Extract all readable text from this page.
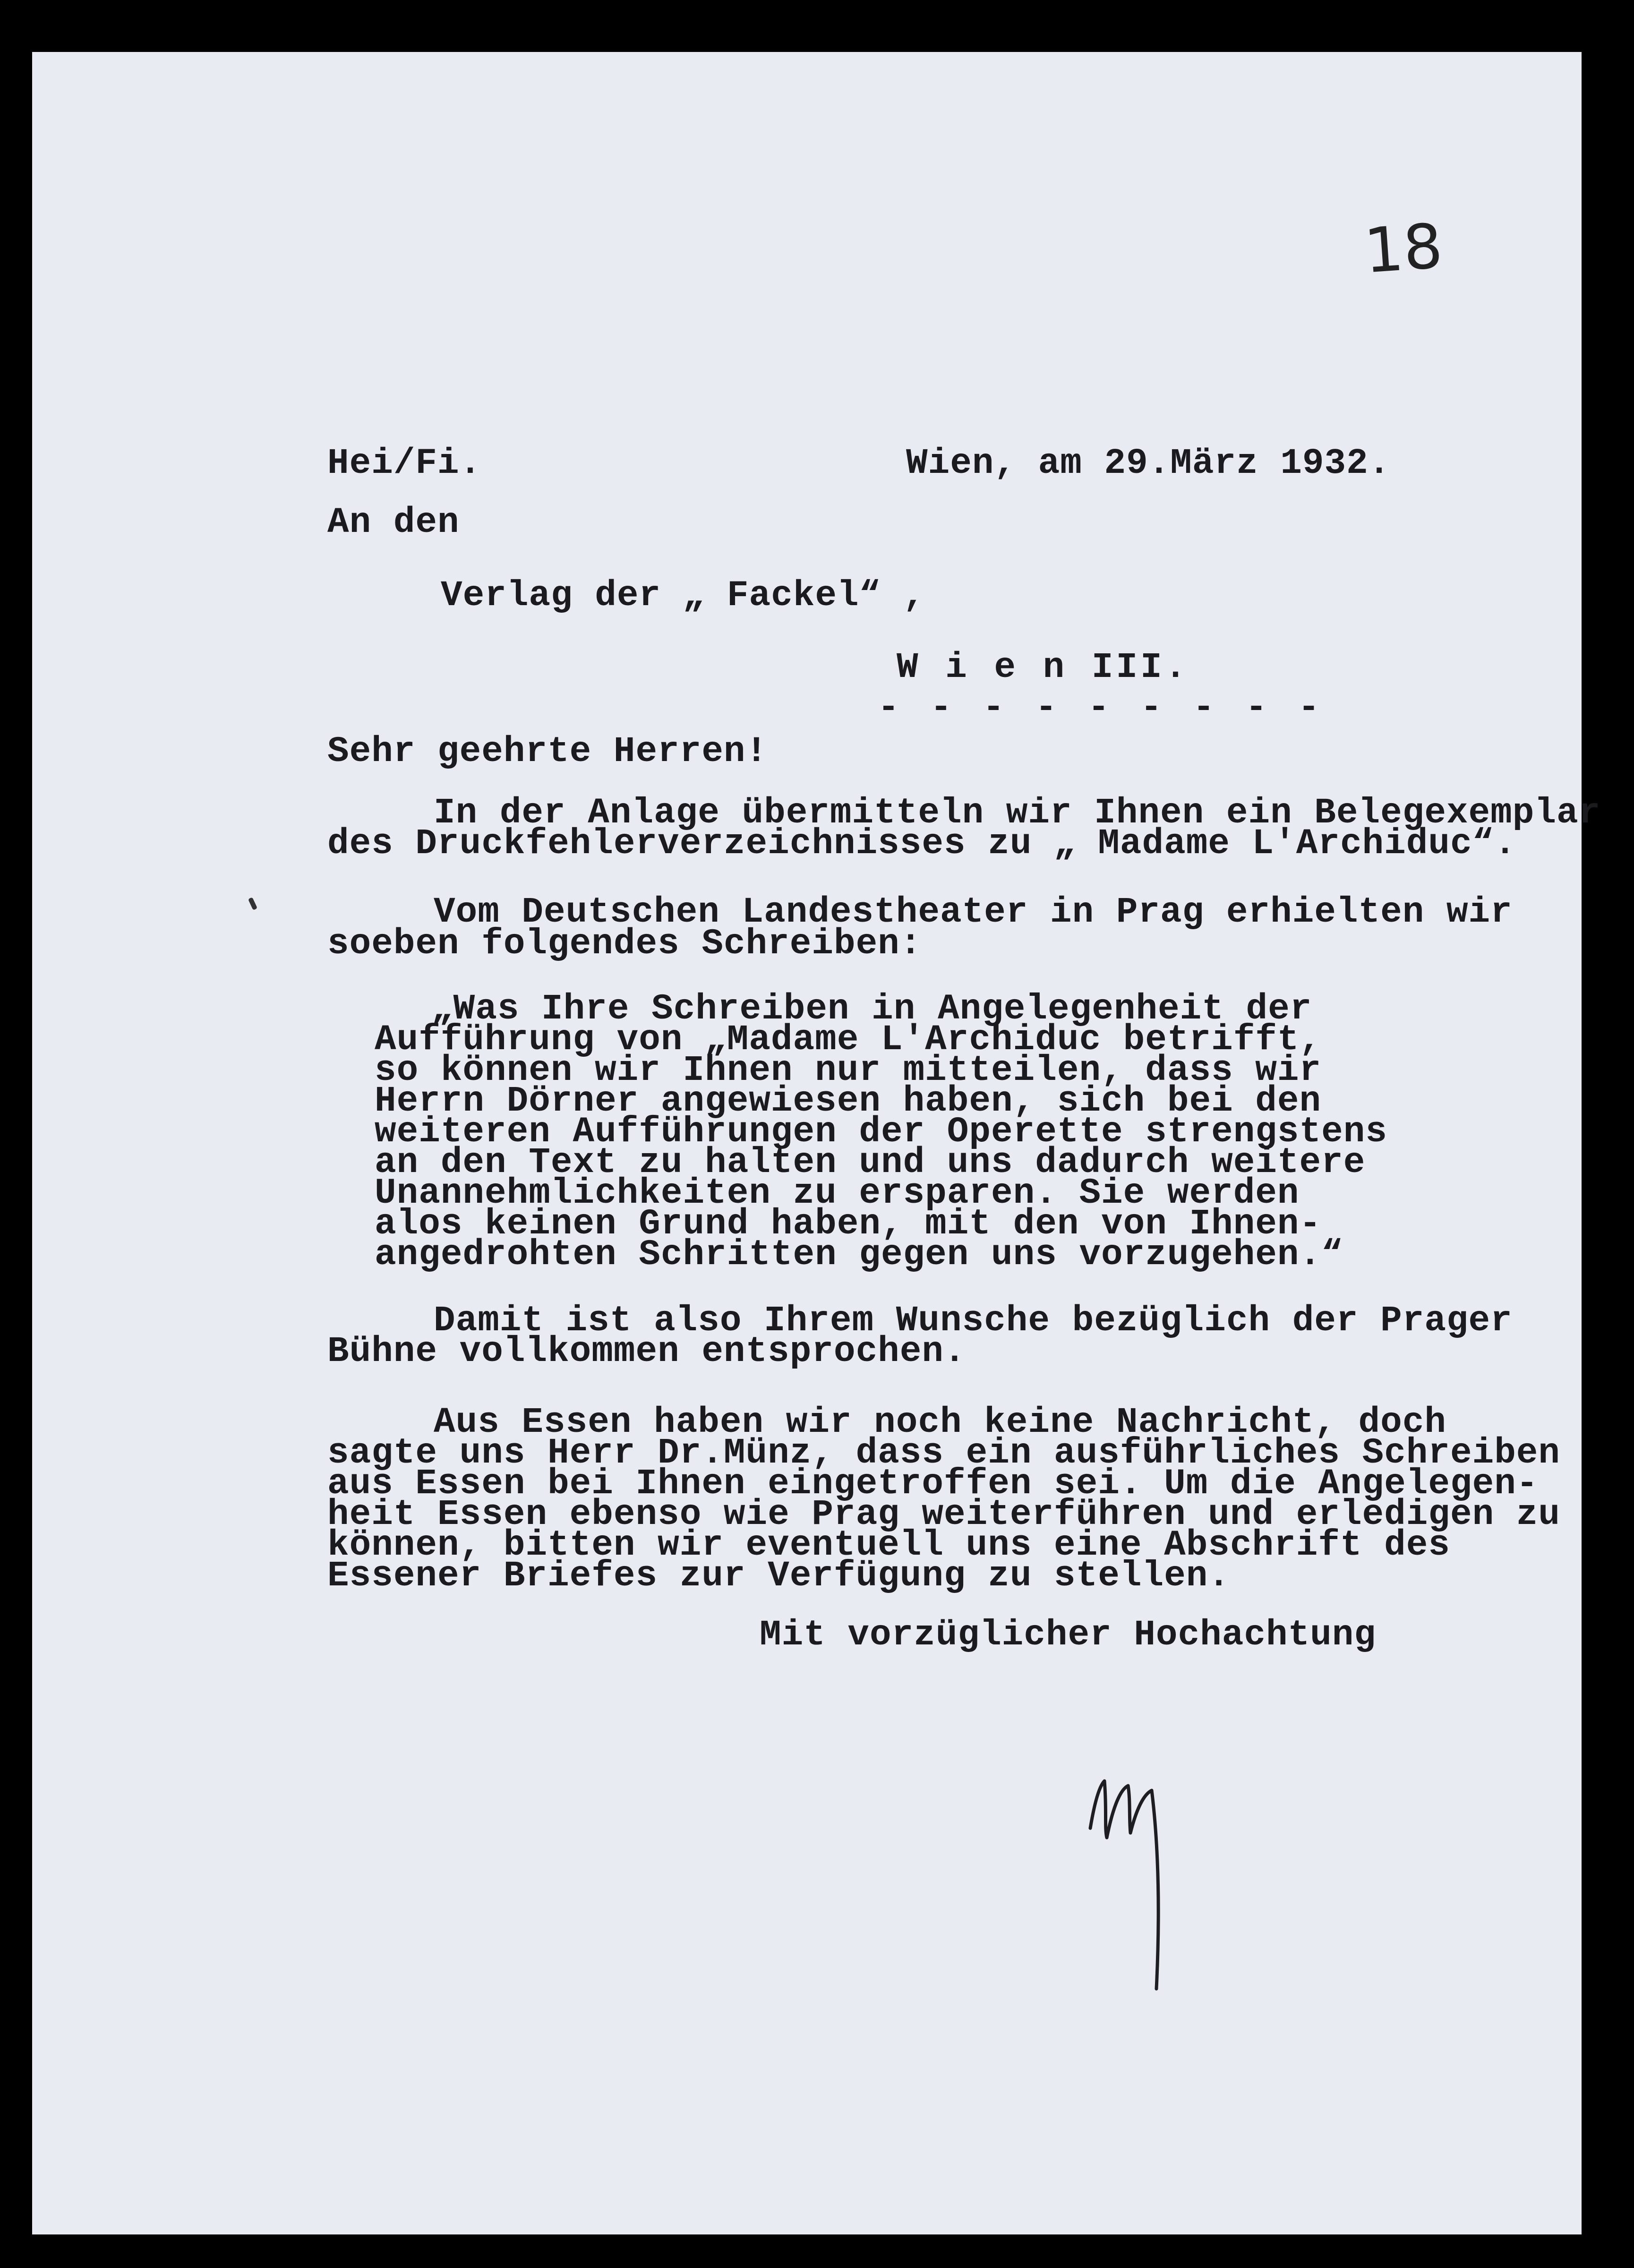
18
Hei/Fi.	Wien, am 29.März 1932.
An den
Verlag der „ Fackel“ ,
W i e n III.
- - - - - - - - -
Sehr geehrte Herren!
In der Anlage übermitteln wir Ihnen ein Belegexemplar
des Druckfehlerverzeichnisses zu „ Madame L'Archiduc“.
Vom Deutschen Landestheater in Prag erhielten wir
soeben folgendes Schreiben:
„Was Ihre Schreiben in Angelegenheit der
Aufführung von „Madame L'Archiduc betrifft,
so können wir Ihnen nur mitteilen, dass wir
Herrn Dörner angewiesen haben, sich bei den
weiteren Aufführungen der Operette strengstens
an den Text zu halten und uns dadurch weitere
Unannehmlichkeiten zu ersparen. Sie werden
alos keinen Grund haben, mit den von Ihnen-
angedrohten Schritten gegen uns vorzugehen.“
Damit ist also Ihrem Wunsche bezüglich der Prager
Bühne vollkommen entsprochen.
Aus Essen haben wir noch keine Nachricht, doch
sagte uns Herr Dr.Münz, dass ein ausführliches Schreiben
aus Essen bei Ihnen eingetroffen sei. Um die Angelegen-
heit Essen ebenso wie Prag weiterführen und erledigen zu
können, bitten wir eventuell uns eine Abschrift des
Essener Briefes zur Verfügung zu stellen.
Mit vorzüglicher Hochachtung
